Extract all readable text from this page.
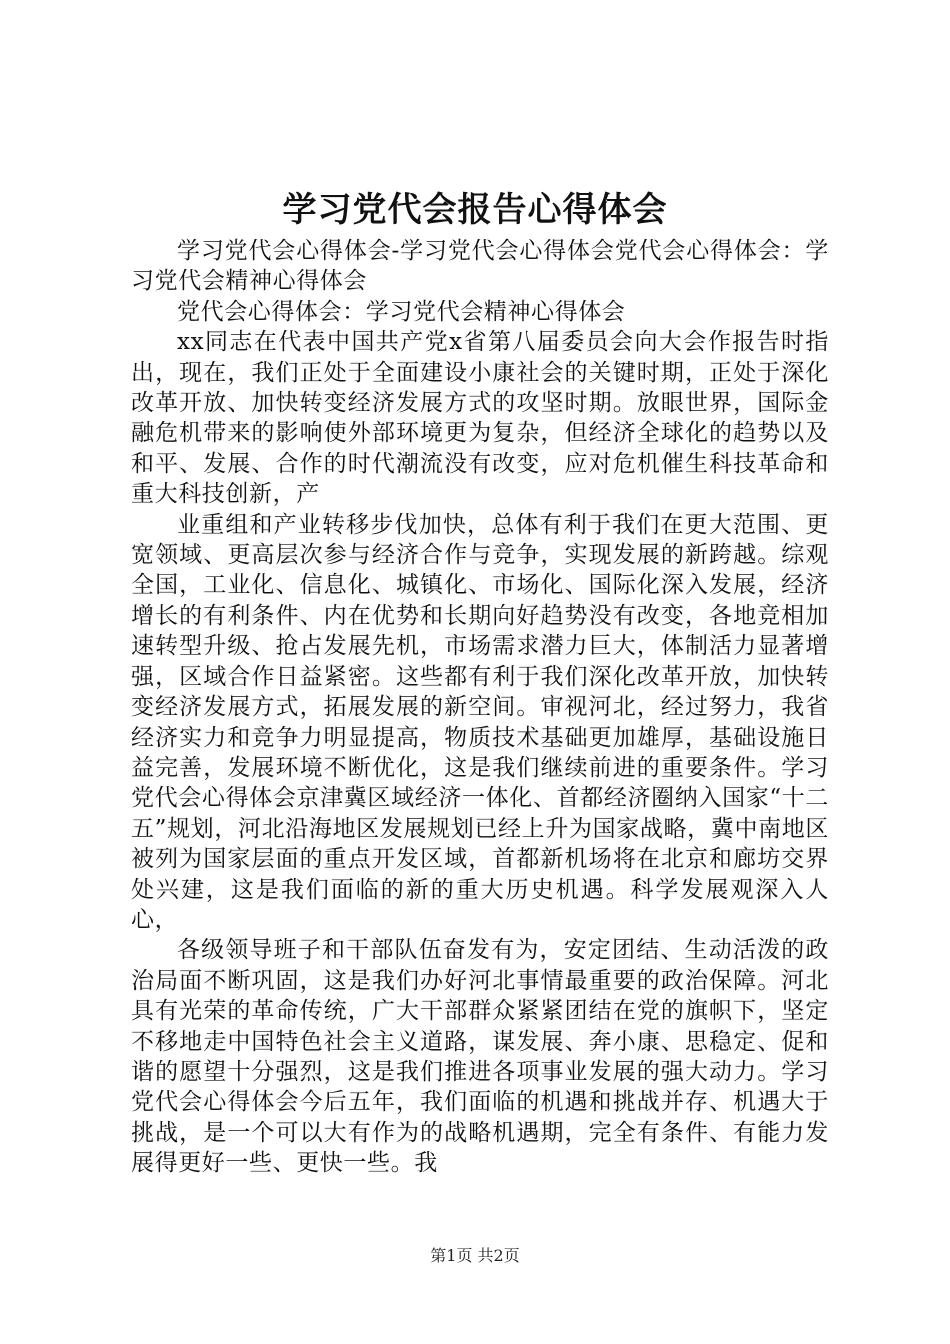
学习党代会报告心得体会

学习党代会心得体会-学习党代会心得体会党代会心得体会：学习党代会精神心得体会

党代会心得体会：学习党代会精神心得体会

xx同志在代表中国共产党x省第八届委员会向大会作报告时指出，现在，我们正处于全面建设小康社会的关键时期，正处于深化改革开放、加快转变经济发展方式的攻坚时期。放眼世界，国际金融危机带来的影响使外部环境更为复杂，但经济全球化的趋势以及和平、发展、合作的时代潮流没有改变，应对危机催生科技革命和重大科技创新，产

业重组和产业转移步伐加快，总体有利于我们在更大范围、更宽领域、更高层次参与经济合作与竞争，实现发展的新跨越。综观全国，工业化、信息化、城镇化、市场化、国际化深入发展，经济增长的有利条件、内在优势和长期向好趋势没有改变，各地竞相加速转型升级、抢占发展先机，市场需求潜力巨大，体制活力显著增强，区域合作日益紧密。这些都有利于我们深化改革开放，加快转变经济发展方式，拓展发展的新空间。审视河北，经过努力，我省经济实力和竞争力明显提高，物质技术基础更加雄厚，基础设施日益完善，发展环境不断优化，这是我们继续前进的重要条件。学习党代会心得体会京津冀区域经济一体化、首都经济圈纳入国家“十二五”规划，河北沿海地区发展规划已经上升为国家战略，冀中南地区被列为国家层面的重点开发区域，首都新机场将在北京和廊坊交界处兴建，这是我们面临的新的重大历史机遇。科学发展观深入人心，

各级领导班子和干部队伍奋发有为，安定团结、生动活泼的政治局面不断巩固，这是我们办好河北事情最重要的政治保障。河北具有光荣的革命传统，广大干部群众紧紧团结在党的旗帜下，坚定不移地走中国特色社会主义道路，谋发展、奔小康、思稳定、促和谐的愿望十分强烈，这是我们推进各项事业发展的强大动力。学习党代会心得体会今后五年，我们面临的机遇和挑战并存、机遇大于挑战，是一个可以大有作为的战略机遇期，完全有条件、有能力发展得更好一些、更快一些。我

第1页 共2页
